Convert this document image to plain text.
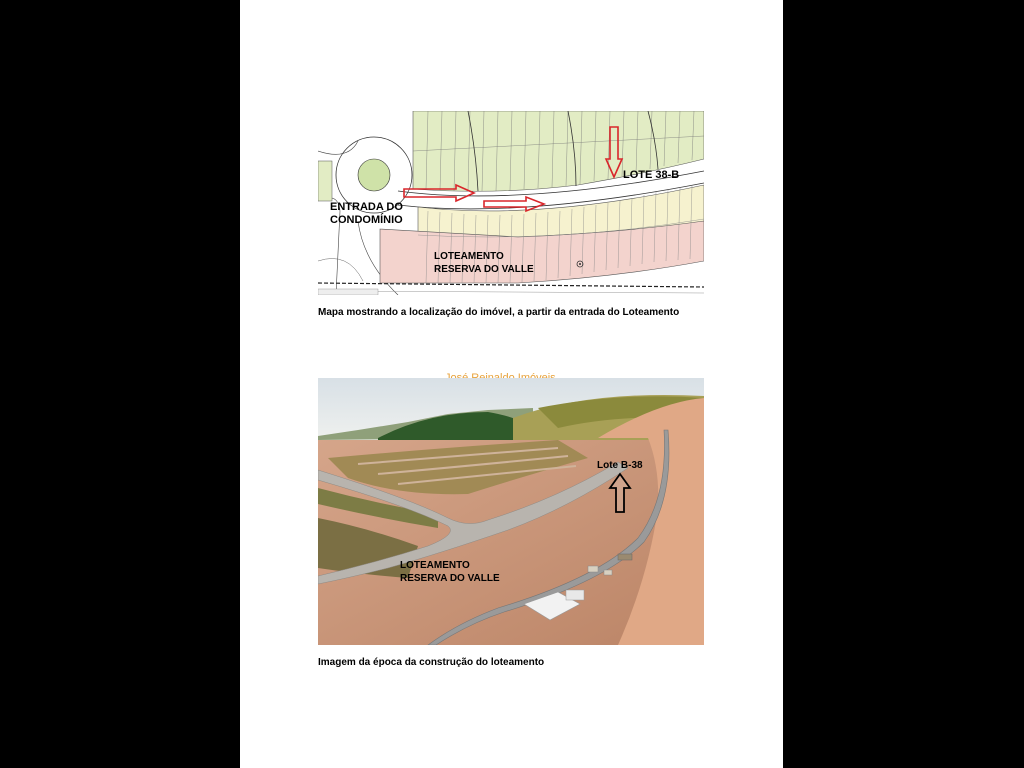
LOTE 38-B
ENTRADA DO
CONDOMÍNIO
LOTEAMENTO
RESERVA DO VALLE
Mapa mostrando a localização do imóvel, a partir da entrada do Loteamento
Lote B-38
LOTEAMENTO
RESERVA DO VALLE
Imagem da época da construção do loteamento
